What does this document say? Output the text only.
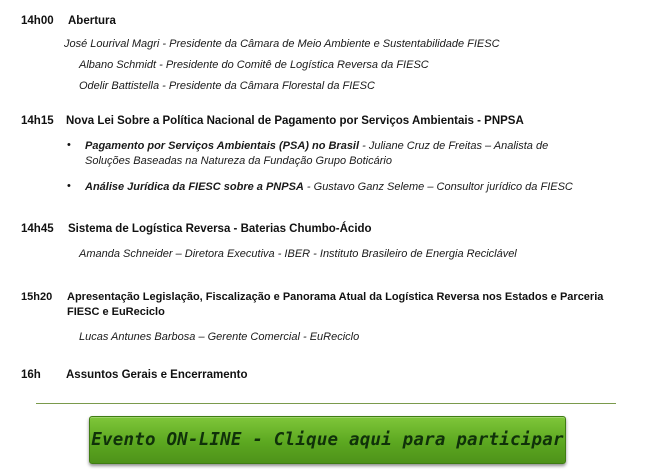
14h00 Abertura
José Lourival Magri - Presidente da Câmara de Meio Ambiente e Sustentabilidade FIESC
Albano Schmidt - Presidente do Comitê de Logística Reversa da FIESC
Odelir Battistella - Presidente da Câmara Florestal da FIESC
14h15 Nova Lei Sobre a Política Nacional de Pagamento por Serviços Ambientais - PNPSA
• Pagamento por Serviços Ambientais (PSA) no Brasil - Juliane Cruz de Freitas – Analista de
Soluções Baseadas na Natureza da Fundação Grupo Boticário
• Análise Jurídica da FIESC sobre a PNPSA - Gustavo Ganz Seleme – Consultor jurídico da FIESC
14h45 Sistema de Logística Reversa - Baterias Chumbo-Ácido
Amanda Schneider – Diretora Executiva - IBER - Instituto Brasileiro de Energia Reciclável
15h20 Apresentação Legislação, Fiscalização e Panorama Atual da Logística Reversa nos Estados e Parceria
FIESC e EuReciclo
Lucas Antunes Barbosa – Gerente Comercial - EuReciclo
16h Assuntos Gerais e Encerramento
Evento ON-LINE - Clique aqui para participar
